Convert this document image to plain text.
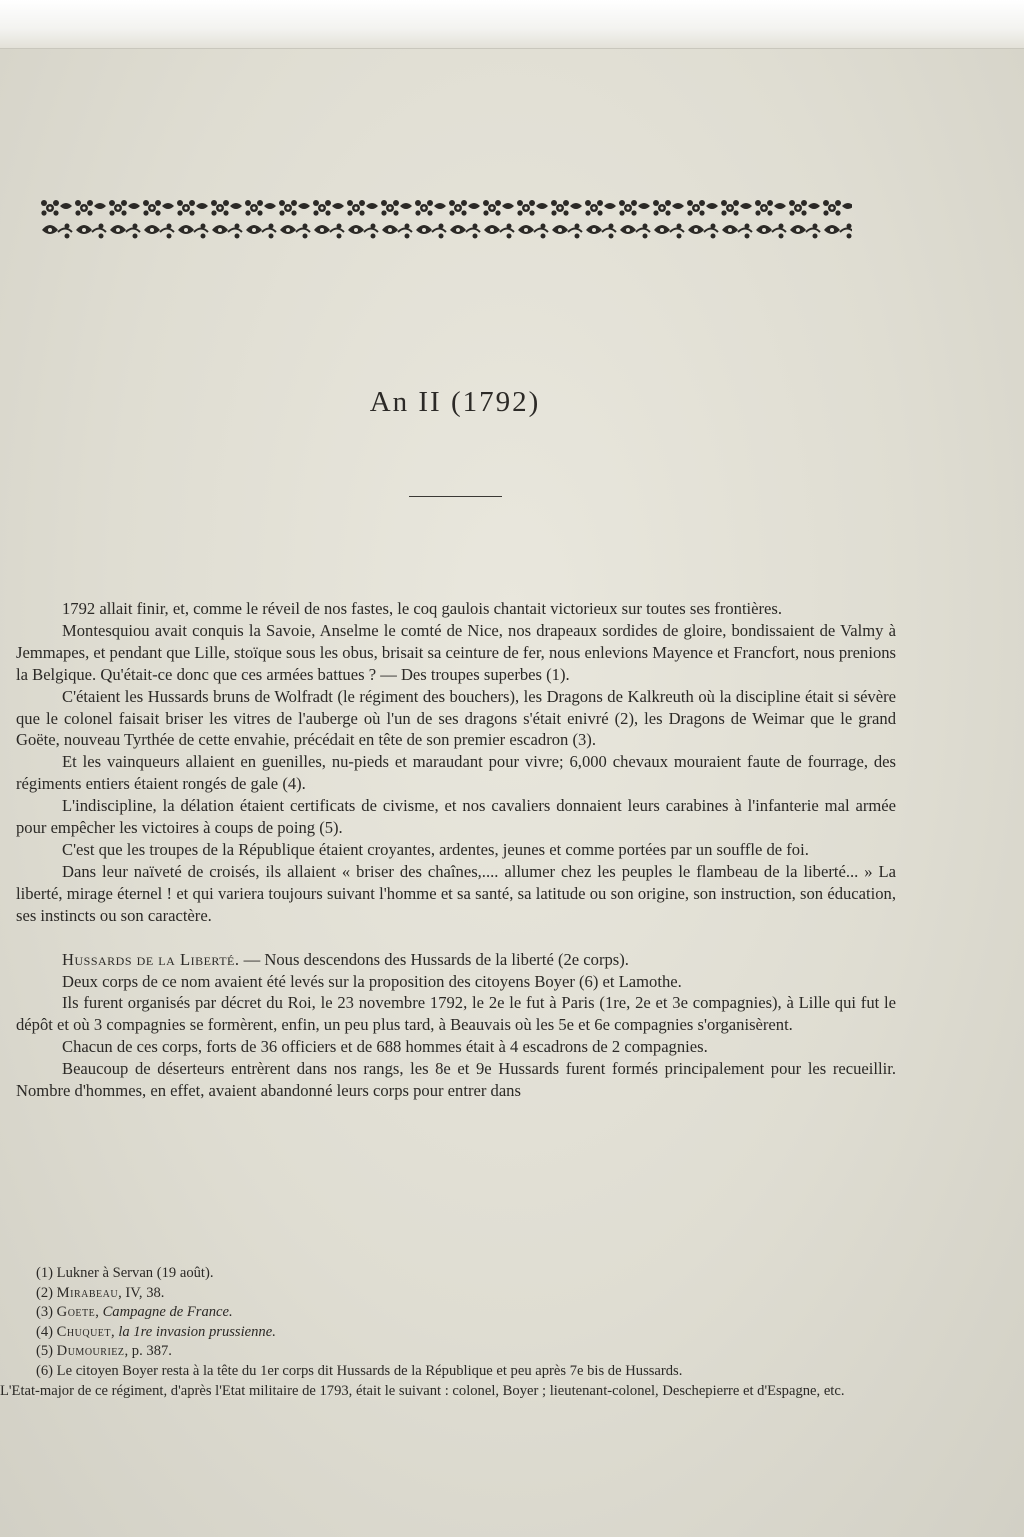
An II (1792)

1792 allait finir, et, comme le réveil de nos fastes, le coq gaulois chantait victorieux sur toutes ses frontières.

Montesquiou avait conquis la Savoie, Anselme le comté de Nice, nos drapeaux sordides de gloire, bondissaient de Valmy à Jemmapes, et pendant que Lille, stoïque sous les obus, brisait sa ceinture de fer, nous enlevions Mayence et Francfort, nous prenions la Belgique. Qu'était-ce donc que ces armées battues ? — Des troupes superbes (1).

C'étaient les Hussards bruns de Wolfradt (le régiment des bouchers), les Dragons de Kalkreuth où la discipline était si sévère que le colonel faisait briser les vitres de l'auberge où l'un de ses dragons s'était enivré (2), les Dragons de Weimar que le grand Goëte, nouveau Tyrthée de cette envahie, précédait en tête de son premier escadron (3).

Et les vainqueurs allaient en guenilles, nu-pieds et maraudant pour vivre; 6,000 chevaux mouraient faute de fourrage, des régiments entiers étaient rongés de gale (4).

L'indiscipline, la délation étaient certificats de civisme, et nos cavaliers donnaient leurs carabines à l'infanterie mal armée pour empêcher les victoires à coups de poing (5).

C'est que les troupes de la République étaient croyantes, ardentes, jeunes et comme portées par un souffle de foi.

Dans leur naïveté de croisés, ils allaient « briser des chaînes,.... allumer chez les peuples le flambeau de la liberté... » La liberté, mirage éternel ! et qui variera toujours suivant l'homme et sa santé, sa latitude ou son origine, son instruction, son éducation, ses instincts ou son caractère.

Hussards de la Liberté. — Nous descendons des Hussards de la liberté (2e corps).

Deux corps de ce nom avaient été levés sur la proposition des citoyens Boyer (6) et Lamothe.

Ils furent organisés par décret du Roi, le 23 novembre 1792, le 2e le fut à Paris (1re, 2e et 3e compagnies), à Lille qui fut le dépôt et où 3 compagnies se formèrent, enfin, un peu plus tard, à Beauvais où les 5e et 6e compagnies s'organisèrent.

Chacun de ces corps, forts de 36 officiers et de 688 hommes était à 4 escadrons de 2 compagnies.

Beaucoup de déserteurs entrèrent dans nos rangs, les 8e et 9e Hussards furent formés principalement pour les recueillir. Nombre d'hommes, en effet, avaient abandonné leurs corps pour entrer dans

(1) Lukner à Servan (19 août).
(2) Mirabeau, IV, 38.
(3) Goete, Campagne de France.
(4) Chuquet, la 1re invasion prussienne.
(5) Dumouriez, p. 387.
(6) Le citoyen Boyer resta à la tête du 1er corps dit Hussards de la République et peu après 7e bis de Hussards.
L'Etat-major de ce régiment, d'après l'Etat militaire de 1793, était le suivant : colonel, Boyer ; lieutenant-colonel, Deschepierre et d'Espagne, etc.
